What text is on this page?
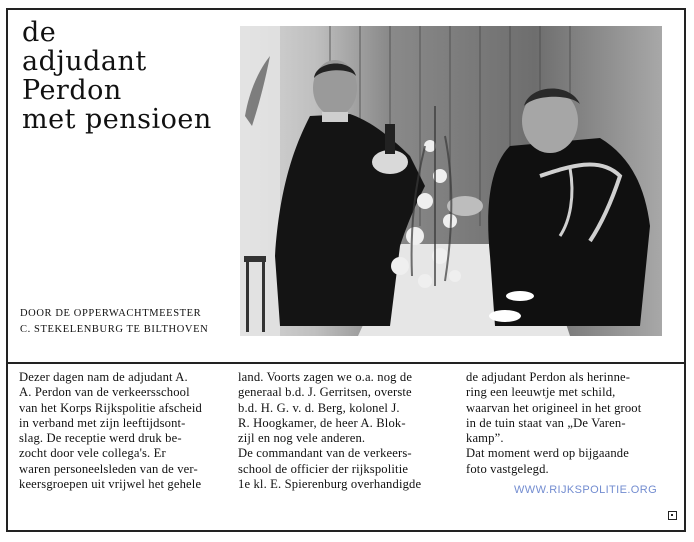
de
adjudant
Perdon
met pensioen
DOOR DE OPPERWACHTMEESTER
C. STEKELENBURG TE BILTHOVEN
Dezer dagen nam de adjudant A.
A. Perdon van de verkeersschool
van het Korps Rijkspolitie afscheid
in verband met zijn leeftijdsont-
slag. De receptie werd druk be-
zocht door vele collega's. Er
waren personeelsleden van de ver-
keersgroepen uit vrijwel het gehele
land. Voorts zagen we o.a. nog de
generaal b.d. J. Gerritsen, overste
b.d. H. G. v. d. Berg, kolonel J.
R. Hoogkamer, de heer A. Blok-
zijl en nog vele anderen.
De commandant van de verkeers-
school de officier der rijkspolitie
1e kl. E. Spierenburg overhandigde
de adjudant Perdon als herinne-
ring een leeuwtje met schild,
waarvan het origineel in het groot
in de tuin staat van „De Varen-
kamp”.
Dat moment werd op bijgaande
foto vastgelegd.
WWW.RIJKSPOLITIE.ORG
